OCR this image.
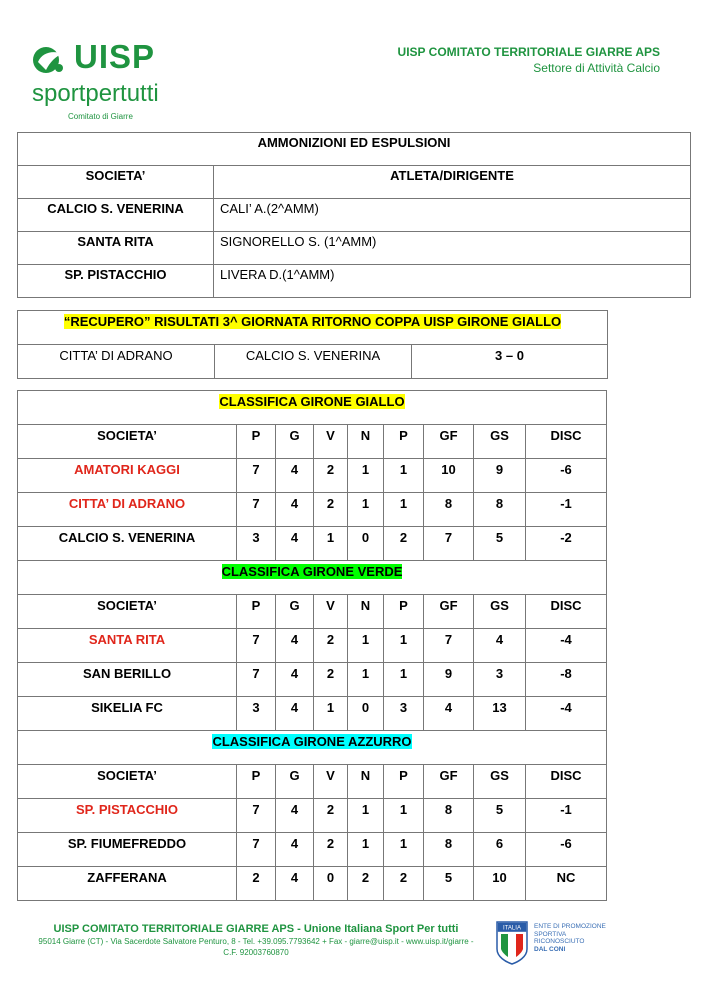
UISP
sportpertutti
Comitato di Giarre
UISP COMITATO TERRITORIALE GIARRE APS
Settore di Attività Calcio
AMMONIZIONI ED ESPULSIONI	
SOCIETA’	ATLETA/DIRIGENTE
CALCIO S. VENERINA	CALI’ A.(2^AMM)
SANTA RITA	SIGNORELLO S. (1^AMM)
SP. PISTACCHIO	LIVERA D.(1^AMM)
“RECUPERO” RISULTATI 3^ GIORNATA RITORNO COPPA UISP GIRONE GIALLO
CITTA’ DI ADRANO	CALCIO S. VENERINA	3 – 0
CLASSIFICA GIRONE GIALLO								
SOCIETA’	P	G	V	N	P	GF	GS	DISC
AMATORI KAGGI	7	4	2	1	1	10	9	-6
CITTA’ DI ADRANO	7	4	2	1	1	8	8	-1
CALCIO S. VENERINA	3	4	1	0	2	7	5	-2
CLASSIFICA GIRONE VERDE								
SOCIETA’	P	G	V	N	P	GF	GS	DISC
SANTA RITA	7	4	2	1	1	7	4	-4
SAN BERILLO	7	4	2	1	1	9	3	-8
SIKELIA FC	3	4	1	0	3	4	13	-4
CLASSIFICA GIRONE AZZURRO								
SOCIETA’	P	G	V	N	P	GF	GS	DISC
SP. PISTACCHIO	7	4	2	1	1	8	5	-1
SP. FIUMEFREDDO	7	4	2	1	1	8	6	-6
ZAFFERANA	2	4	0	2	2	5	10	NC
UISP COMITATO TERRITORIALE GIARRE APS - Unione Italiana Sport Per tutti
95014 Giarre (CT) - Via Sacerdote Salvatore Penturo, 8 - Tel. +39.095.7793642 + Fax - giarre@uisp.it - www.uisp.it/giarre -
C.F. 92003760870
ITALIA ENTE DI PROMOZIONE
SPORTIVA
RICONOSCIUTO
DAL CONI
